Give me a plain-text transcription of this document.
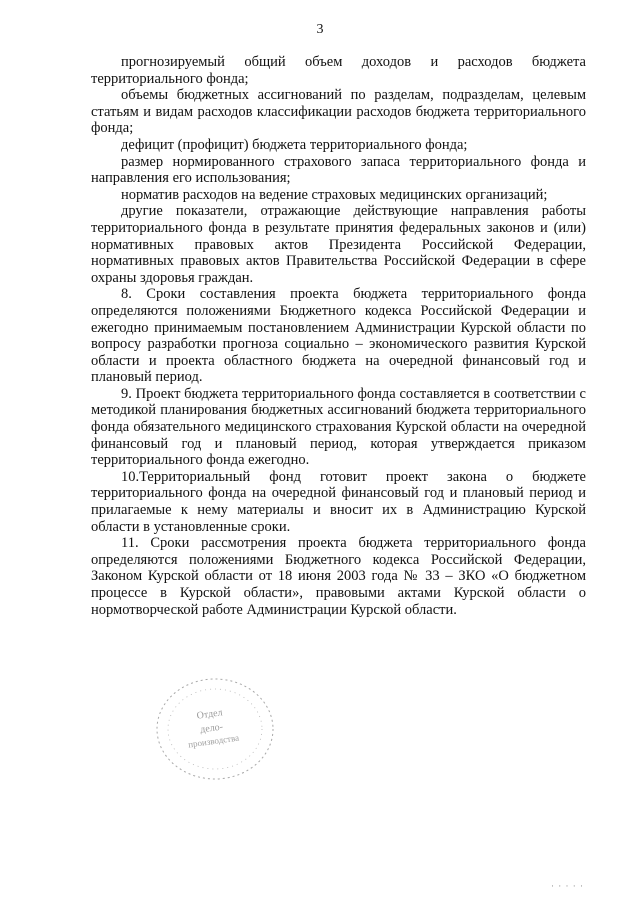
3

прогнозируемый общий объем доходов и расходов бюджета территориального фонда;

объемы бюджетных ассигнований по разделам, подразделам, целевым статьям и видам расходов классификации расходов бюджета территориального фонда;

дефицит (профицит) бюджета территориального фонда;

размер нормированного страхового запаса территориального фонда и направления его использования;

норматив расходов на ведение страховых медицинских организаций;

другие показатели, отражающие действующие направления работы территориального фонда в результате принятия федеральных законов и (или) нормативных правовых актов Президента Российской Федерации, нормативных правовых актов Правительства Российской Федерации в сфере охраны здоровья граждан.

8. Сроки составления проекта бюджета территориального фонда определяются положениями Бюджетного кодекса Российской Федерации и ежегодно принимаемым постановлением Администрации Курской области по вопросу разработки прогноза социально – экономического развития Курской области и проекта областного бюджета на очередной финансовый год и плановый период.

9. Проект бюджета территориального фонда составляется в соответствии с методикой планирования бюджетных ассигнований бюджета территориального фонда обязательного медицинского страхования Курской области на очередной финансовый год и плановый период, которая утверждается приказом территориального фонда ежегодно.

10.Территориальный фонд готовит проект закона о бюджете территориального фонда на очередной финансовый год и плановый период и прилагаемые к нему материалы и вносит их в Администрацию Курской области в установленные сроки.

11. Сроки рассмотрения проекта бюджета территориального фонда определяются положениями Бюджетного кодекса Российской Федерации, Законом Курской области от 18 июня 2003 года № 33 – ЗКО «О бюджетном процессе в Курской области», правовыми актами Курской области о нормотворческой работе Администрации Курской области.

Отдел
дело-
производства
· · · · ·
